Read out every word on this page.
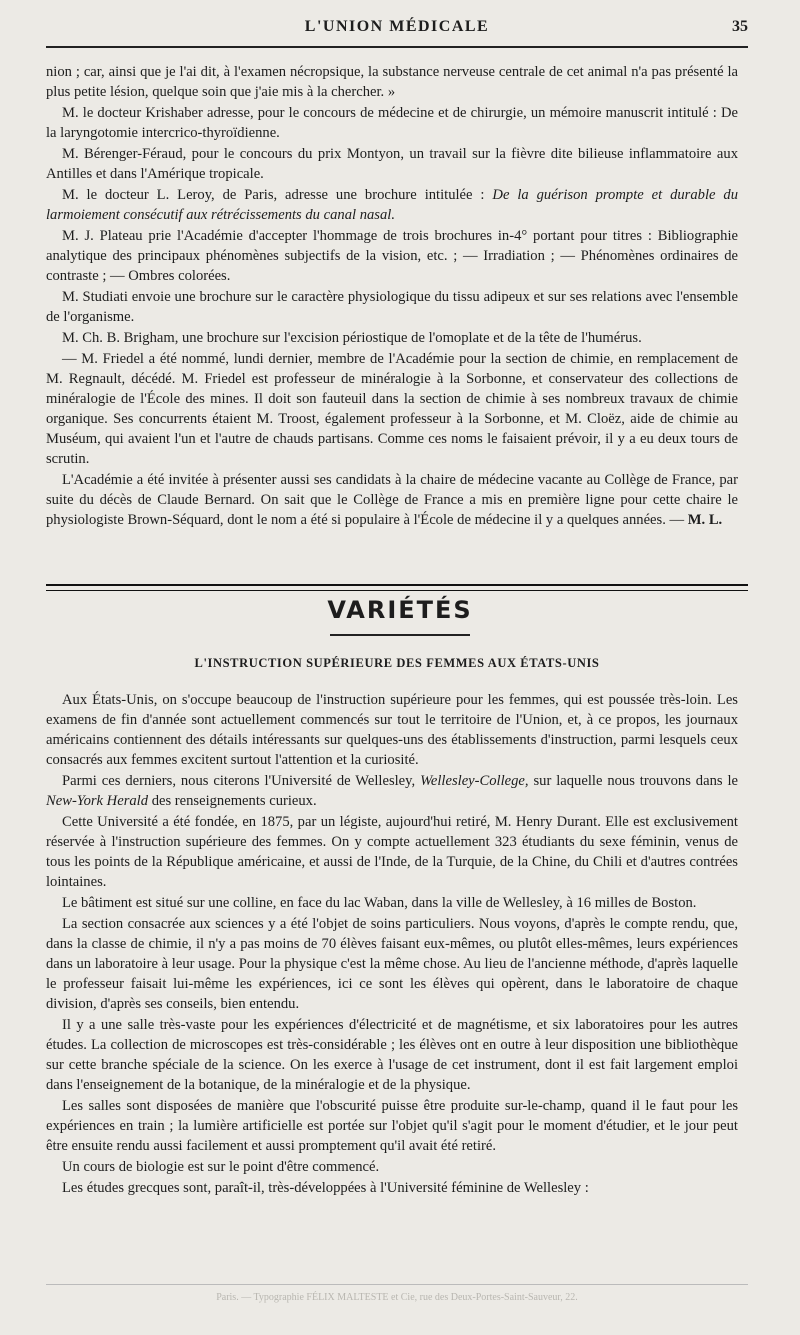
L'UNION MÉDICALE	35

nion ; car, ainsi que je l'ai dit, à l'examen nécropsique, la substance nerveuse centrale de cet animal n'a pas présenté la plus petite lésion, quelque soin que j'aie mis à la chercher. »

M. le docteur Krishaber adresse, pour le concours de médecine et de chirurgie, un mémoire manuscrit intitulé : De la laryngotomie intercrico-thyroïdienne.

M. Bérenger-Féraud, pour le concours du prix Montyon, un travail sur la fièvre dite bilieuse inflammatoire aux Antilles et dans l'Amérique tropicale.

M. le docteur L. Leroy, de Paris, adresse une brochure intitulée : De la guérison prompte et durable du larmoiement consécutif aux rétrécissements du canal nasal.

M. J. Plateau prie l'Académie d'accepter l'hommage de trois brochures in-4° portant pour titres : Bibliographie analytique des principaux phénomènes subjectifs de la vision, etc. ; — Irradiation ; — Phénomènes ordinaires de contraste ; — Ombres colorées.

M. Studiati envoie une brochure sur le caractère physiologique du tissu adipeux et sur ses relations avec l'ensemble de l'organisme.

M. Ch. B. Brigham, une brochure sur l'excision périostique de l'omoplate et de la tête de l'humérus.

— M. Friedel a été nommé, lundi dernier, membre de l'Académie pour la section de chimie, en remplacement de M. Regnault, décédé. M. Friedel est professeur de minéralogie à la Sorbonne, et conservateur des collections de minéralogie de l'École des mines. Il doit son fauteuil dans la section de chimie à ses nombreux travaux de chimie organique. Ses concurrents étaient M. Troost, également professeur à la Sorbonne, et M. Cloëz, aide de chimie au Muséum, qui avaient l'un et l'autre de chauds partisans. Comme ces noms le faisaient prévoir, il y a eu deux tours de scrutin.

L'Académie a été invitée à présenter aussi ses candidats à la chaire de médecine vacante au Collège de France, par suite du décès de Claude Bernard. On sait que le Collège de France a mis en première ligne pour cette chaire le physiologiste Brown-Séquard, dont le nom a été si populaire à l'École de médecine il y a quelques années. — M. L.

VARIÉTÉS
L'INSTRUCTION SUPÉRIEURE DES FEMMES AUX ÉTATS-UNIS

Aux États-Unis, on s'occupe beaucoup de l'instruction supérieure pour les femmes, qui est poussée très-loin. Les examens de fin d'année sont actuellement commencés sur tout le territoire de l'Union, et, à ce propos, les journaux américains contiennent des détails intéressants sur quelques-uns des établissements d'instruction, parmi lesquels ceux consacrés aux femmes excitent surtout l'attention et la curiosité.

Parmi ces derniers, nous citerons l'Université de Wellesley, Wellesley-College, sur laquelle nous trouvons dans le New-York Herald des renseignements curieux.

Cette Université a été fondée, en 1875, par un légiste, aujourd'hui retiré, M. Henry Durant. Elle est exclusivement réservée à l'instruction supérieure des femmes. On y compte actuellement 323 étudiants du sexe féminin, venus de tous les points de la République américaine, et aussi de l'Inde, de la Turquie, de la Chine, du Chili et d'autres contrées lointaines.

Le bâtiment est situé sur une colline, en face du lac Waban, dans la ville de Wellesley, à 16 milles de Boston.

La section consacrée aux sciences y a été l'objet de soins particuliers. Nous voyons, d'après le compte rendu, que, dans la classe de chimie, il n'y a pas moins de 70 élèves faisant eux-mêmes, ou plutôt elles-mêmes, leurs expériences dans un laboratoire à leur usage. Pour la physique c'est la même chose. Au lieu de l'ancienne méthode, d'après laquelle le professeur faisait lui-même les expériences, ici ce sont les élèves qui opèrent, dans le laboratoire de chaque division, d'après ses conseils, bien entendu.

Il y a une salle très-vaste pour les expériences d'électricité et de magnétisme, et six laboratoires pour les autres études. La collection de microscopes est très-considérable ; les élèves ont en outre à leur disposition une bibliothèque sur cette branche spéciale de la science. On les exerce à l'usage de cet instrument, dont il est fait largement emploi dans l'enseignement de la botanique, de la minéralogie et de la physique.

Les salles sont disposées de manière que l'obscurité puisse être produite sur-le-champ, quand il le faut pour les expériences en train ; la lumière artificielle est portée sur l'objet qu'il s'agit pour le moment d'étudier, et le jour peut être ensuite rendu aussi facilement et aussi promptement qu'il avait été retiré.

Un cours de biologie est sur le point d'être commencé.

Les études grecques sont, paraît-il, très-développées à l'Université féminine de Wellesley :

Paris. — Typographie FÉLIX MALTESTE et Cie, rue des Deux-Portes-Saint-Sauveur, 22.
